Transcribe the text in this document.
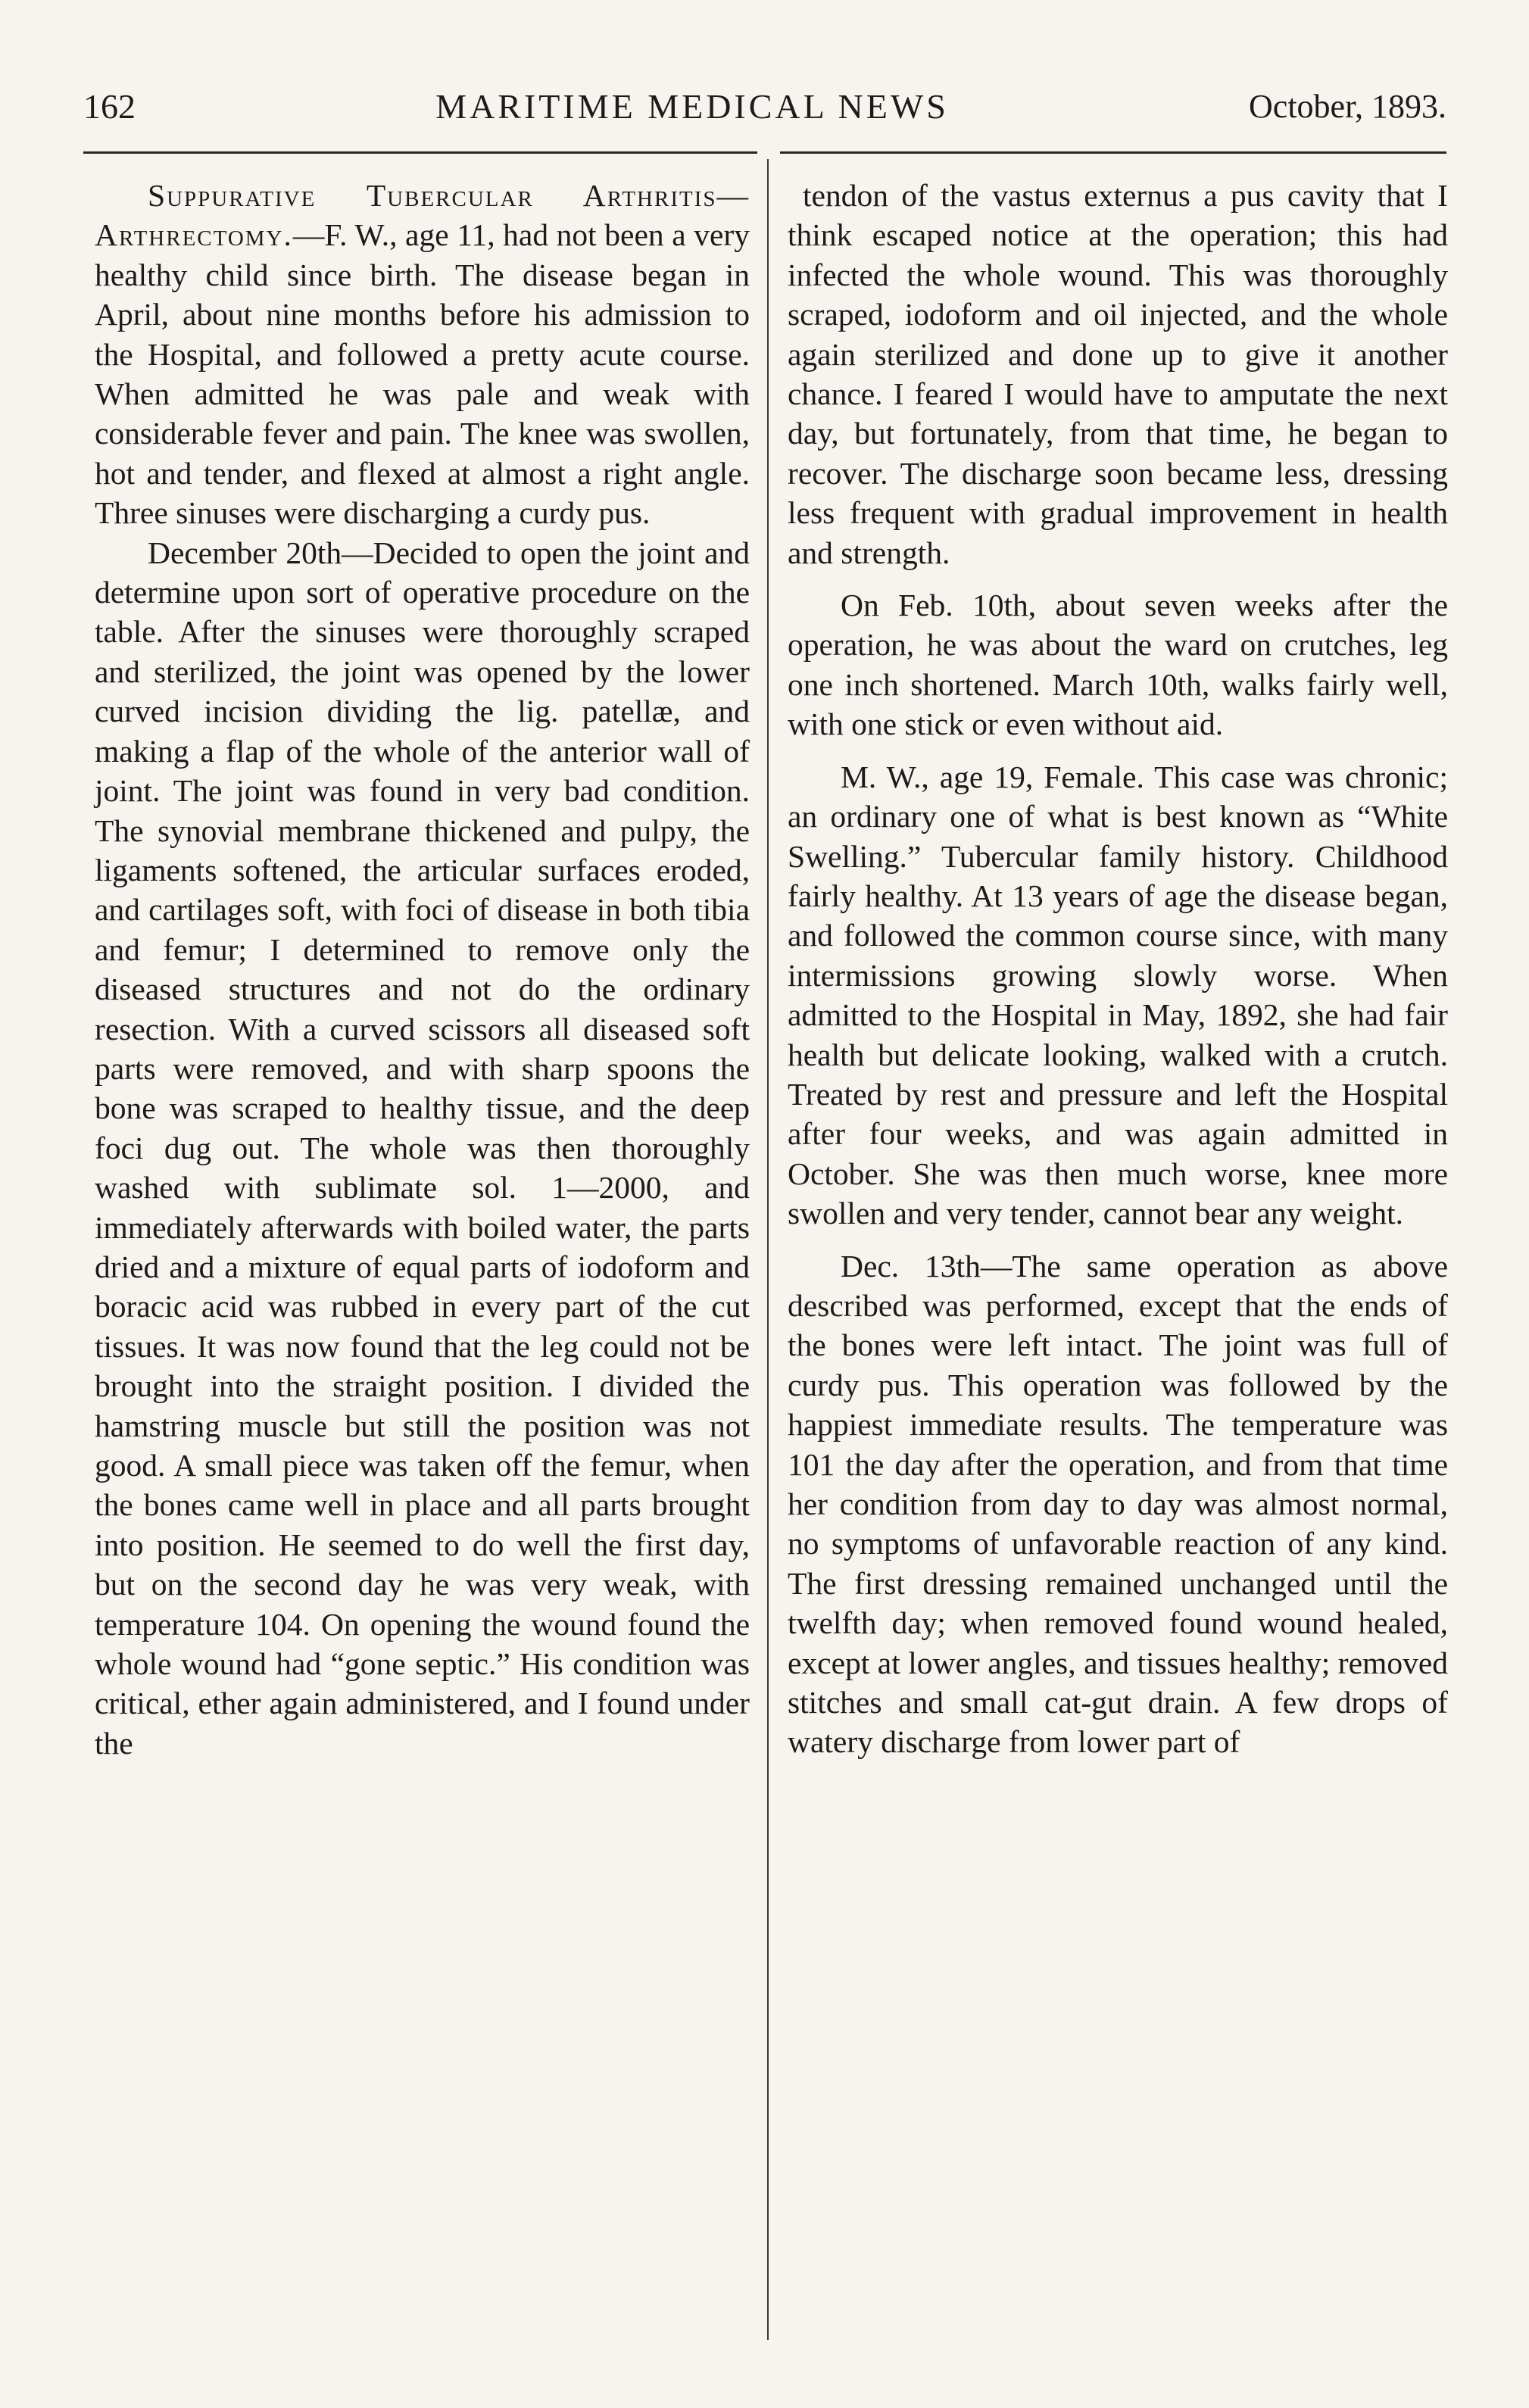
162	MARITIME MEDICAL NEWS	October, 1893.

Suppurative Tubercular Arthritis—Arthrectomy.—F. W., age 11, had not been a very healthy child since birth. The disease began in April, about nine months before his admission to the Hospital, and followed a pretty acute course. When admitted he was pale and weak with considerable fever and pain. The knee was swollen, hot and tender, and flexed at almost a right angle. Three sinuses were discharging a curdy pus.

December 20th—Decided to open the joint and determine upon sort of operative procedure on the table. After the sinuses were thoroughly scraped and sterilized, the joint was opened by the lower curved incision dividing the lig. patellæ, and making a flap of the whole of the anterior wall of joint. The joint was found in very bad condition. The synovial membrane thickened and pulpy, the ligaments softened, the articular surfaces eroded, and cartilages soft, with foci of disease in both tibia and femur; I determined to remove only the diseased structures and not do the ordinary resection. With a curved scissors all diseased soft parts were removed, and with sharp spoons the bone was scraped to healthy tissue, and the deep foci dug out. The whole was then thoroughly washed with sublimate sol. 1—2000, and immediately afterwards with boiled water, the parts dried and a mixture of equal parts of iodoform and boracic acid was rubbed in every part of the cut tissues. It was now found that the leg could not be brought into the straight position. I divided the hamstring muscle but still the position was not good. A small piece was taken off the femur, when the bones came well in place and all parts brought into position. He seemed to do well the first day, but on the second day he was very weak, with temperature 104. On opening the wound found the whole wound had “gone septic.” His condition was critical, ether again administered, and I found under the

tendon of the vastus externus a pus cavity that I think escaped notice at the operation; this had infected the whole wound. This was thoroughly scraped, iodoform and oil injected, and the whole again sterilized and done up to give it another chance. I feared I would have to amputate the next day, but fortunately, from that time, he began to recover. The discharge soon became less, dressing less frequent with gradual improvement in health and strength.

On Feb. 10th, about seven weeks after the operation, he was about the ward on crutches, leg one inch shortened. March 10th, walks fairly well, with one stick or even without aid.

M. W., age 19, Female. This case was chronic; an ordinary one of what is best known as “White Swelling.” Tubercular family history. Childhood fairly healthy. At 13 years of age the disease began, and followed the common course since, with many intermissions growing slowly worse. When admitted to the Hospital in May, 1892, she had fair health but delicate looking, walked with a crutch. Treated by rest and pressure and left the Hospital after four weeks, and was again admitted in October. She was then much worse, knee more swollen and very tender, cannot bear any weight.

Dec. 13th—The same operation as above described was performed, except that the ends of the bones were left intact. The joint was full of curdy pus. This operation was followed by the happiest immediate results. The temperature was 101 the day after the operation, and from that time her condition from day to day was almost normal, no symptoms of unfavorable reaction of any kind. The first dressing remained unchanged until the twelfth day; when removed found wound healed, except at lower angles, and tissues healthy; removed stitches and small cat-gut drain. A few drops of watery discharge from lower part of
